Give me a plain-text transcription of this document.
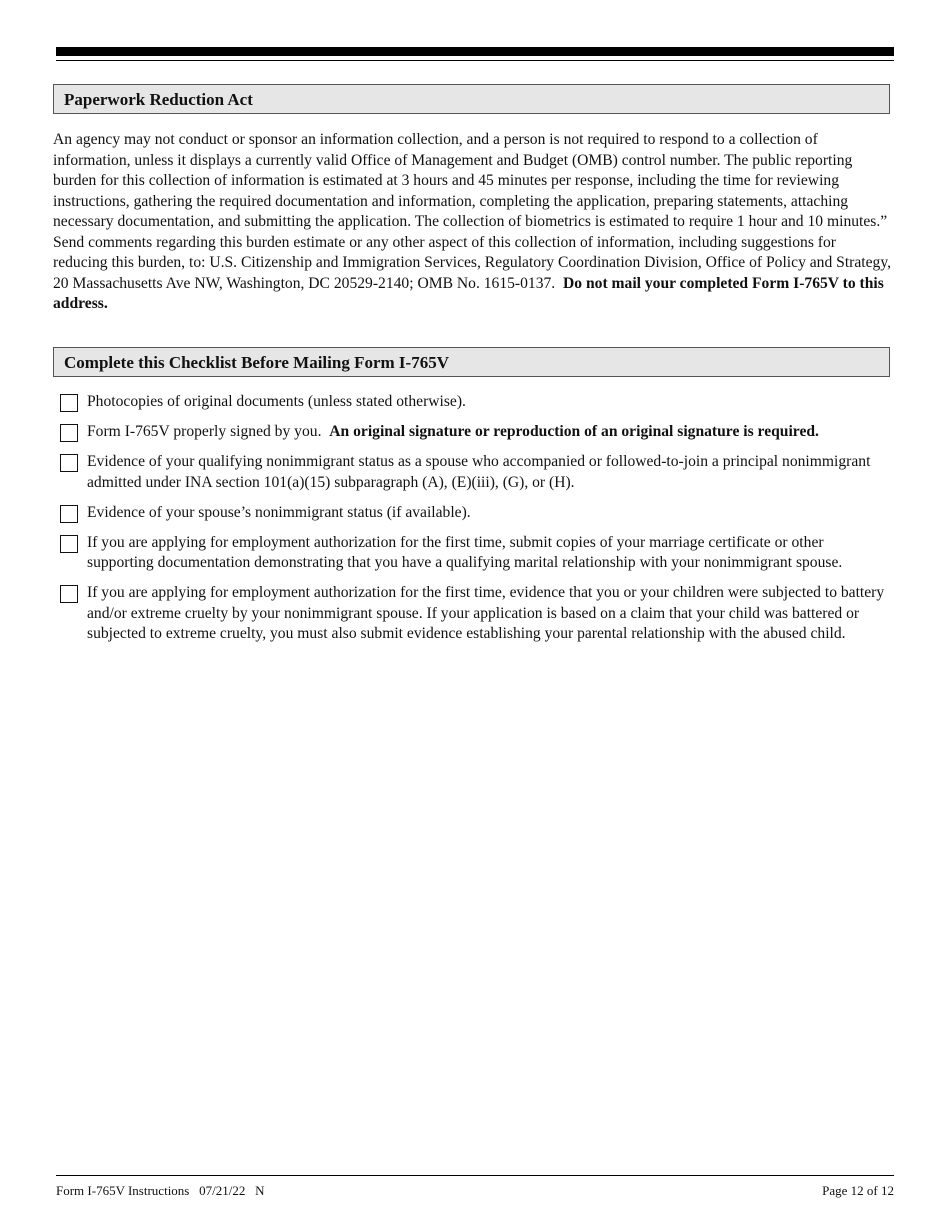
Paperwork Reduction Act
An agency may not conduct or sponsor an information collection, and a person is not required to respond to a collection of information, unless it displays a currently valid Office of Management and Budget (OMB) control number. The public reporting burden for this collection of information is estimated at 3 hours and 45 minutes per response, including the time for reviewing instructions, gathering the required documentation and information, completing the application, preparing statements, attaching necessary documentation, and submitting the application. The collection of biometrics is estimated to require 1 hour and 10 minutes.” Send comments regarding this burden estimate or any other aspect of this collection of information, including suggestions for reducing this burden, to: U.S. Citizenship and Immigration Services, Regulatory Coordination Division, Office of Policy and Strategy, 20 Massachusetts Ave NW, Washington, DC 20529-2140; OMB No. 1615-0137. Do not mail your completed Form I-765V to this address.
Complete this Checklist Before Mailing Form I-765V
Photocopies of original documents (unless stated otherwise).
Form I-765V properly signed by you. An original signature or reproduction of an original signature is required.
Evidence of your qualifying nonimmigrant status as a spouse who accompanied or followed-to-join a principal nonimmigrant admitted under INA section 101(a)(15) subparagraph (A), (E)(iii), (G), or (H).
Evidence of your spouse’s nonimmigrant status (if available).
If you are applying for employment authorization for the first time, submit copies of your marriage certificate or other supporting documentation demonstrating that you have a qualifying marital relationship with your nonimmigrant spouse.
If you are applying for employment authorization for the first time, evidence that you or your children were subjected to battery and/or extreme cruelty by your nonimmigrant spouse. If your application is based on a claim that your child was battered or subjected to extreme cruelty, you must also submit evidence establishing your parental relationship with the abused child.
Form I-765V Instructions   07/21/22   N	Page 12 of 12
